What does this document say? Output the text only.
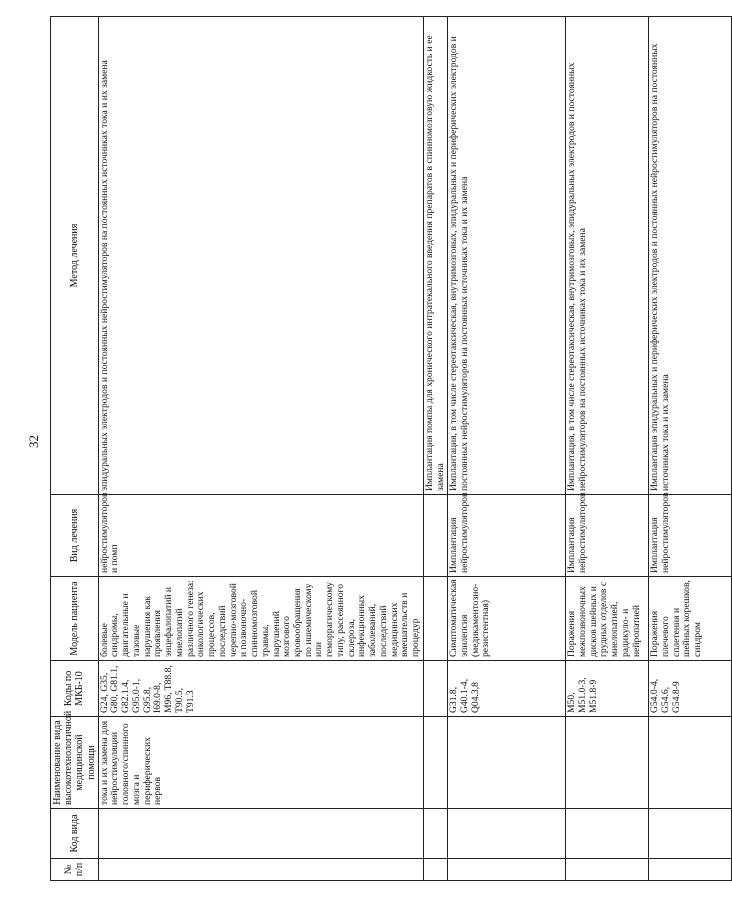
32
№ п/п	Код вида	Наименование вида высокотехнологичной медицинской помощи	Коды по МКБ-10	Модель пациента	Вид лечения	Метод лечения
		тока и их замена для нейростимуляции головного/спинного мозга и периферических нервов	G24, G35, G80, G81.1, G82.1.4, G95.0-1, G95.8, I69.0-8, M96, T88.8, T90.5, T91.3	болевые синдромы, двигательные и тазовые нарушения как проявления энцефалопатий и миелопатий различного генеза: онкологических процессов, последствий черепно-мозговой и позвоночно-спинномозговой травмы, нарушений мозгового кровообращения по ишемическому или геморрагическому типу, рассеянного склероза, инфекционных заболеваний, последствий медицинских вмешательств и процедур	нейростимуляторов и помп	эпидуральных электродов и постоянных нейростимуляторов на постоянных источниках тока и их замена
						Имплантация помпы для хронического интратекального введения препаратов в спинномозговую жидкость и ее замена
			G31.8, G40.1-4, Q04.3,8	Симптоматическая эпилепсия (медикаментозно-резистентная)	Имплантация нейростимуляторов	Имплантация, в том числе стереотаксическая, внутримозговых, эпидуральных и периферических электродов и постоянных нейростимуляторов на постоянных источниках тока и их замена
			M50, M51.0-3, M51.8-9	Поражения межпозвоночных дисков шейных и грудных отделов с миелопатией, радикуло- и нейропатией	Имплантация нейростимуляторов	Имплантация, в том числе стереотаксическая, внутримозговых, эпидуральных электродов и постоянных нейростимуляторов на постоянных источниках тока и их замена
			G54.0-4, G54.6, G54.8-9	Поражения плечевого сплетения и шейных корешков, синдром	Имплантация нейростимуляторов	Имплантация эпидуральных и периферических электродов и постоянных нейростимуляторов на постоянных источниках тока и их замена
